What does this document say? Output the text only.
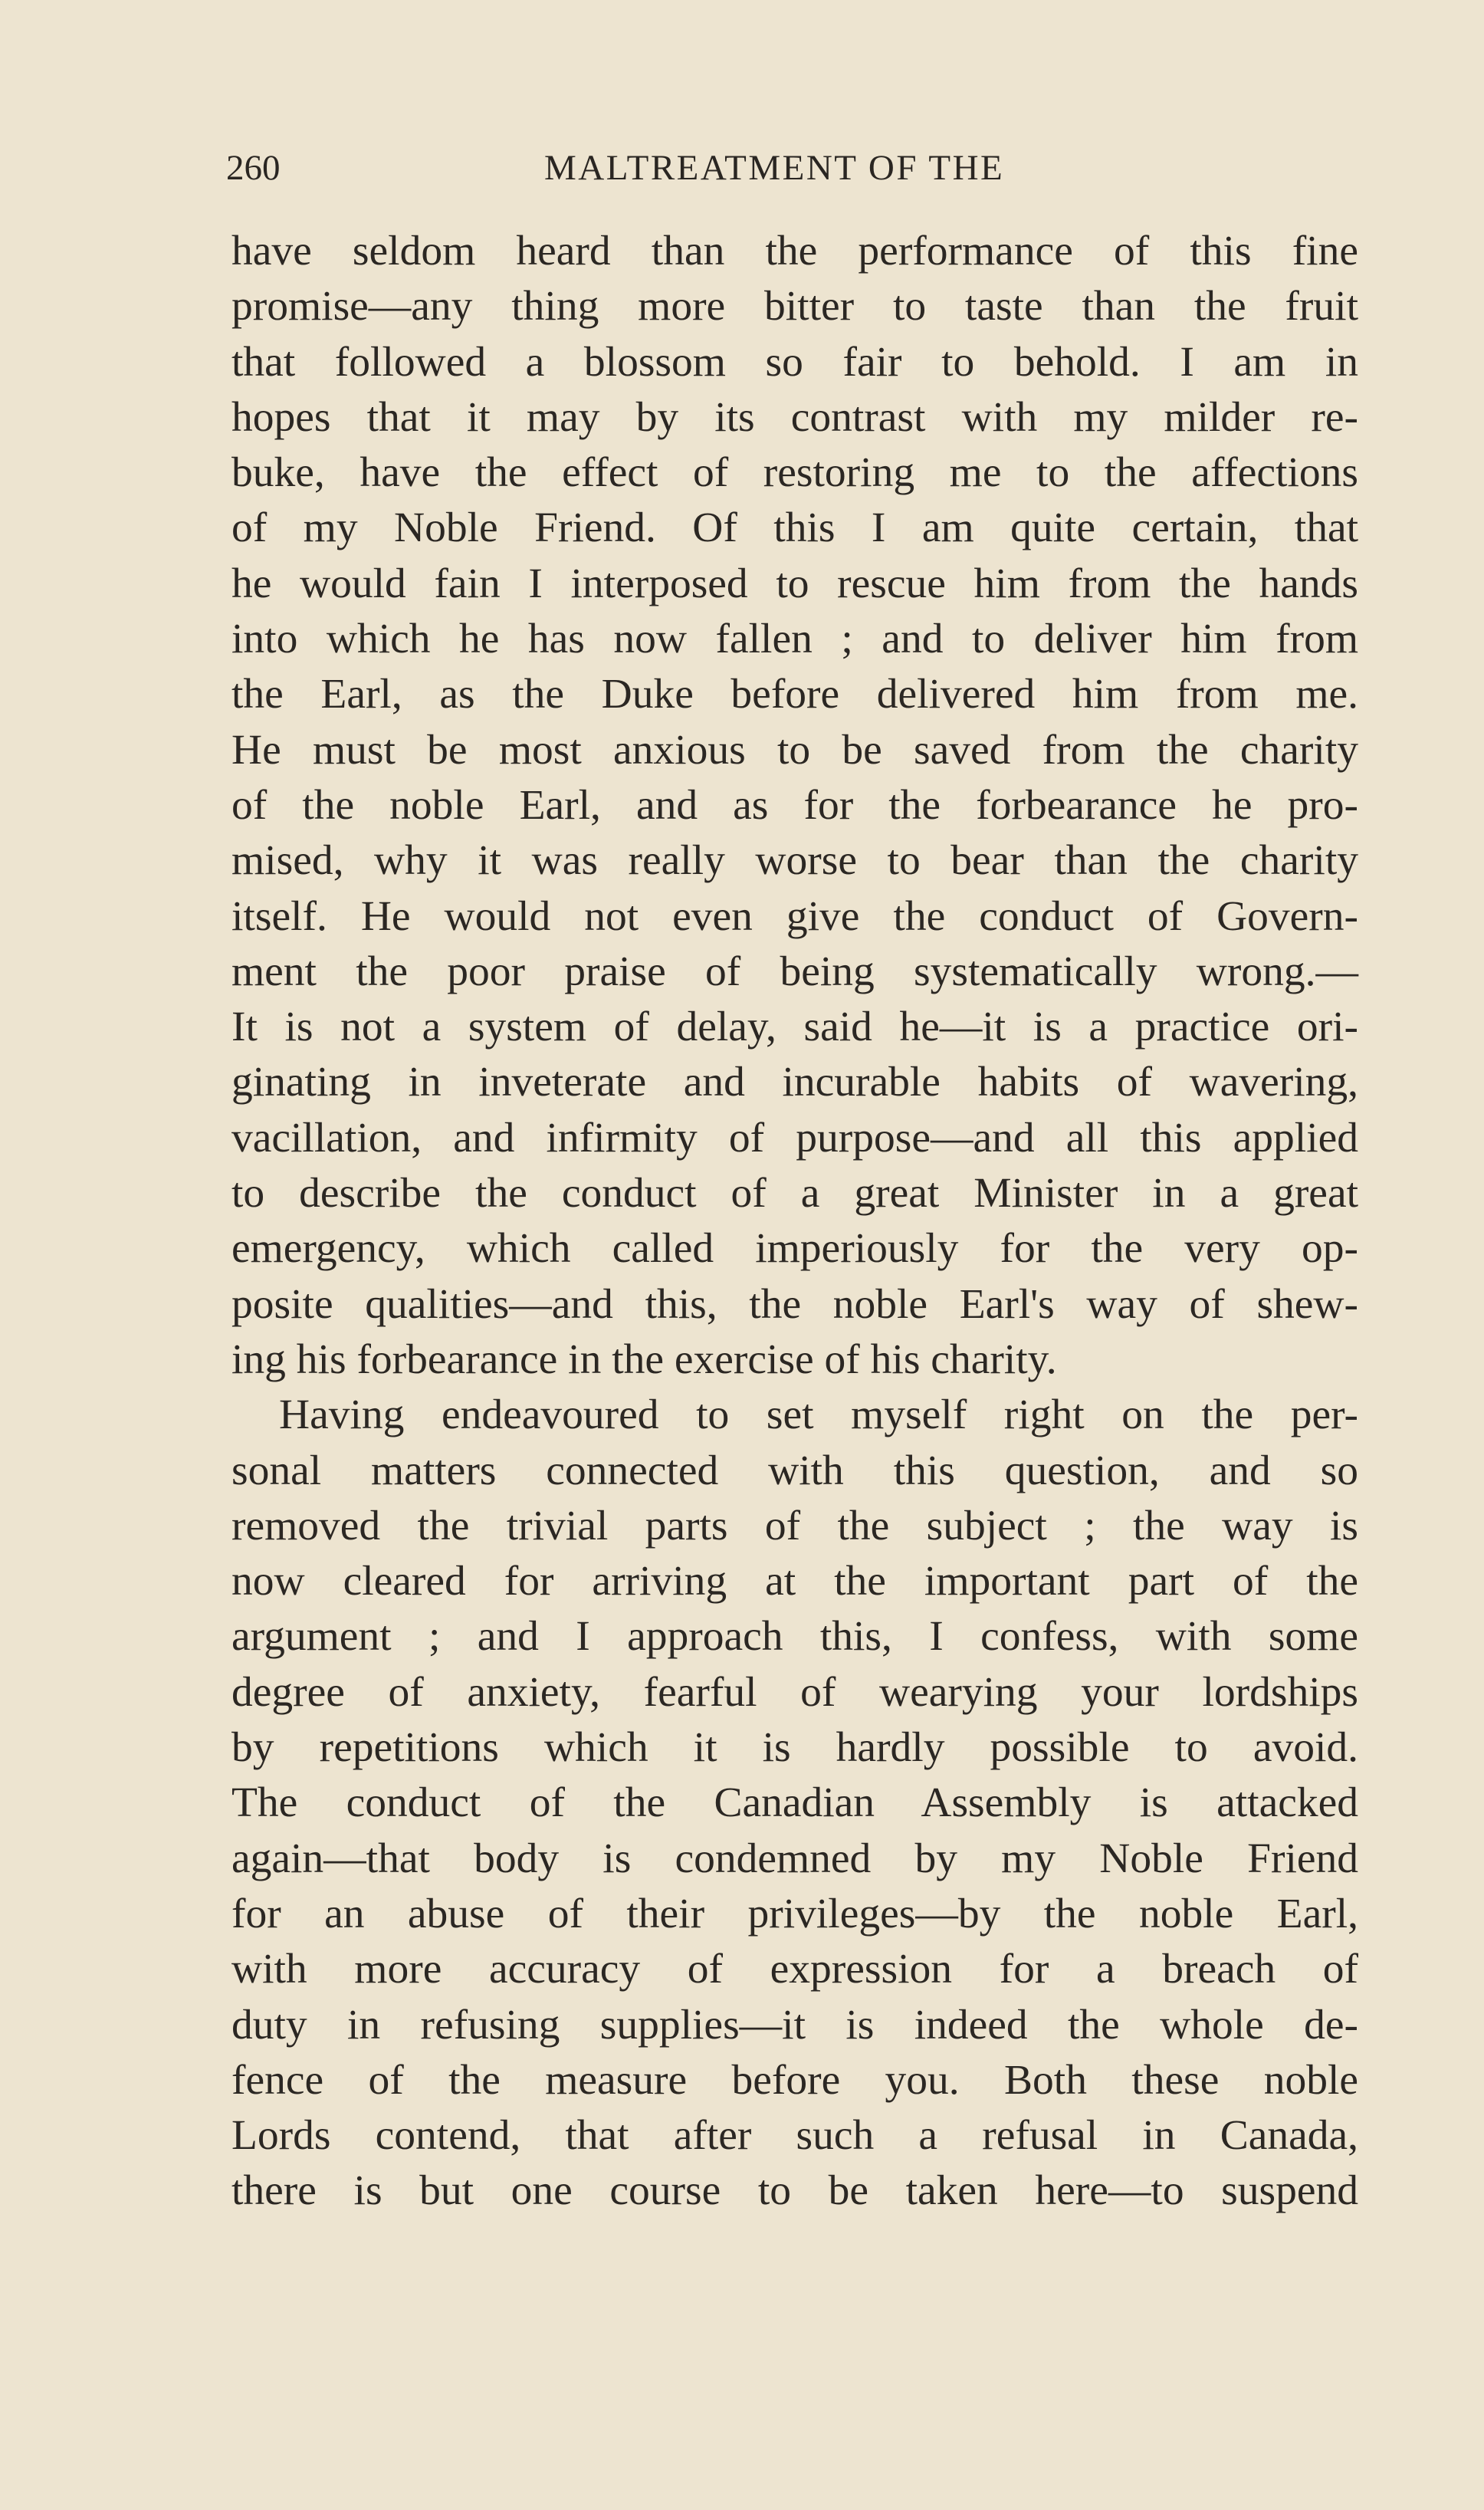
260	MALTREATMENT OF THE
have seldom heard than the performance of this fine
promise—any thing more bitter to taste than the fruit
that followed a blossom so fair to behold. I am in
hopes that it may by its contrast with my milder re-
buke, have the effect of restoring me to the affections
of my Noble Friend. Of this I am quite certain, that
he would fain I interposed to rescue him from the hands
into which he has now fallen ; and to deliver him from
the Earl, as the Duke before delivered him from me.
He must be most anxious to be saved from the charity
of the noble Earl, and as for the forbearance he pro-
mised, why it was really worse to bear than the charity
itself. He would not even give the conduct of Govern-
ment the poor praise of being systematically wrong.—
It is not a system of delay, said he—it is a practice ori-
ginating in inveterate and incurable habits of wavering,
vacillation, and infirmity of purpose—and all this applied
to describe the conduct of a great Minister in a great
emergency, which called imperiously for the very op-
posite qualities—and this, the noble Earl's way of shew-
ing his forbearance in the exercise of his charity.
Having endeavoured to set myself right on the per-
sonal matters connected with this question, and so
removed the trivial parts of the subject ; the way is
now cleared for arriving at the important part of the
argument ; and I approach this, I confess, with some
degree of anxiety, fearful of wearying your lordships
by repetitions which it is hardly possible to avoid.
The conduct of the Canadian Assembly is attacked
again—that body is condemned by my Noble Friend
for an abuse of their privileges—by the noble Earl,
with more accuracy of expression for a breach of
duty in refusing supplies—it is indeed the whole de-
fence of the measure before you. Both these noble
Lords contend, that after such a refusal in Canada,
there is but one course to be taken here—to suspend
